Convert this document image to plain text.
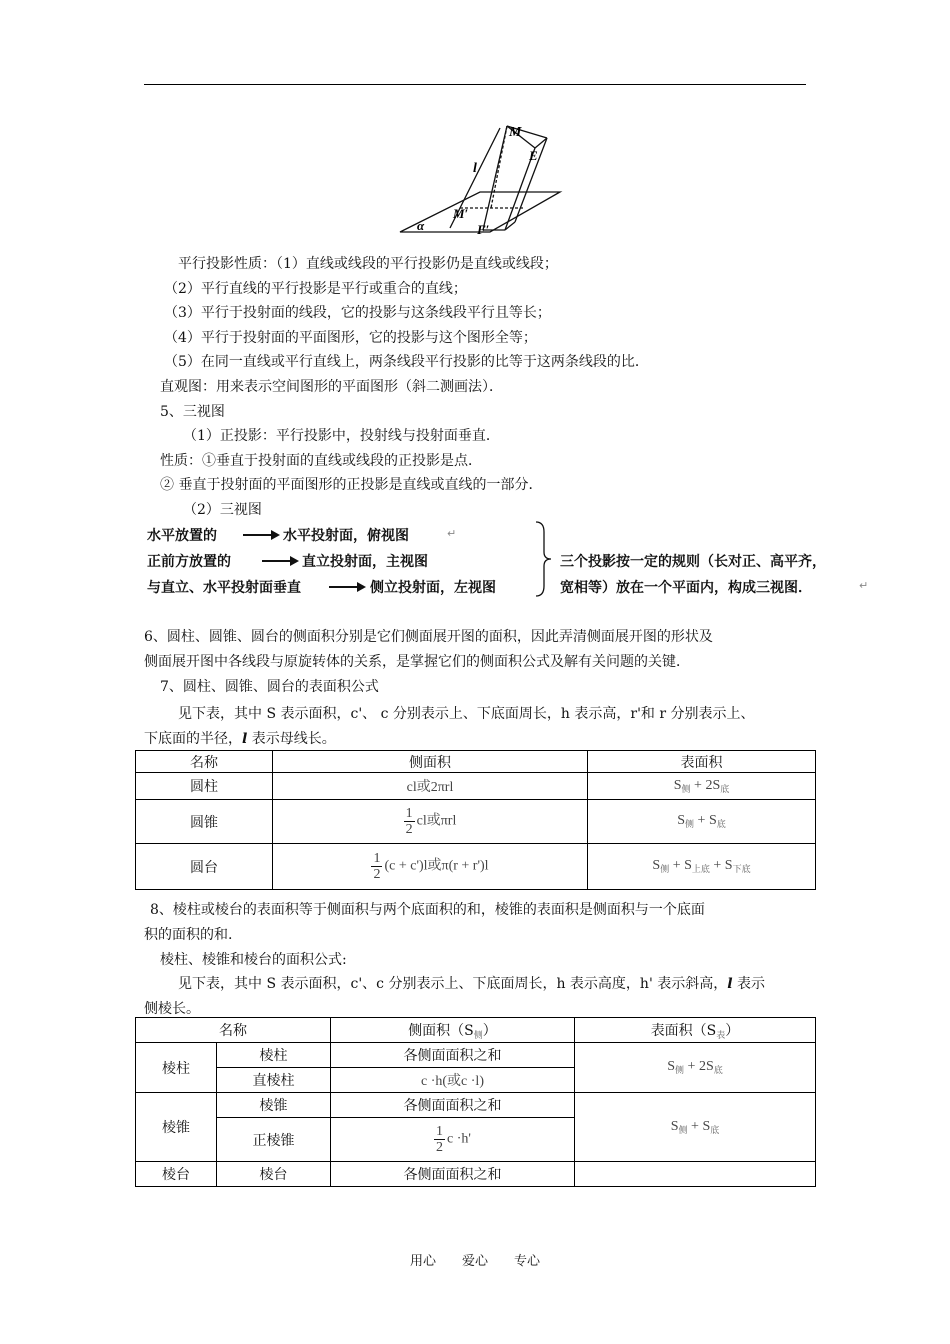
M
E
l
M′
F′
α
平行投影性质：（1）直线或线段的平行投影仍是直线或线段；
（2）平行直线的平行投影是平行或重合的直线；
（3）平行于投射面的线段，它的投影与这条线段平行且等长；
（4）平行于投射面的平面图形，它的投影与这个图形全等；
（5）在同一直线或平行直线上，两条线段平行投影的比等于这两条线段的比．
直观图：用来表示空间图形的平面图形（斜二测画法）．
5、三视图
（1）正投影：平行投影中，投射线与投射面垂直．
性质：①垂直于投射面的直线或线段的正投影是点．
② 垂直于投射面的平面图形的正投影是直线或直线的一部分．
（2）三视图
水平放置的	水平投射面，俯视图	↵
正前方放置的	直立投射面，主视图
与直立、水平投射面垂直	侧立投射面，左视图
三个投影按一定的规则（长对正、高平齐，
宽相等）放在一个平面内，构成三视图．	↵
6、圆柱、圆锥、圆台的侧面积分别是它们侧面展开图的面积，因此弄清侧面展开图的形状及
侧面展开图中各线段与原旋转体的关系，是掌握它们的侧面积公式及解有关问题的关键．
7、圆柱、圆锥、圆台的表面积公式
见下表，其中 S 表示面积，c'、 c 分别表示上、下底面周长，h 表示高，r'和 r 分别表示上、
下底面的半径，l 表示母线长。
名称	侧面积	表面积
圆柱	cl或2πrl	$S_侧 + 2S_底$
圆锥	$\frac{1}{2}$ cl或πrl	$S_侧 + S_底$
圆台	$\frac{1}{2} (c + c')l$或π(r + r')l	$S_侧 + S_{上底} + S_{下底}$
8、棱柱或棱台的表面积等于侧面积与两个底面积的和，棱锥的表面积是侧面积与一个底面
积的面积的和.
棱柱、棱锥和棱台的面积公式:
见下表，其中 S 表示面积，c'、c 分别表示上、下底面周长，h 表示高度，h' 表示斜高，l 表示
侧棱长。
名称		侧面积$(S_侧)$	表面积$(S_表)$
棱柱	棱柱	各侧面面积之和	$S_侧 + 2S_底$
	直棱柱	c ·h(或c ·l)	
棱锥	棱锥	各侧面面积之和	$S_侧 + S_底$
	正棱锥	$\frac{1}{2}$ c ·h'	
棱台	棱台	各侧面面积之和	
用心　　爱心　　专心
